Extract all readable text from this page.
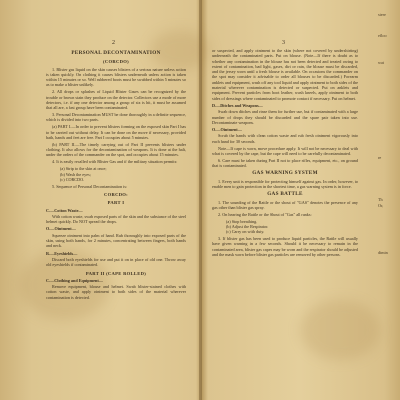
2	3
PERSONAL DECONTAMINATION
(CORCDO)

1. Blister gas liquid on the skin causes blisters of a serious nature unless action is taken quickly. On clothing it causes blisters underneath unless action is taken within 15 minutes or so. Well rubbered boots must be swabbed within 5 minutes so as to make a blister unlikely.

2. All drops or splashes of Liquid Blister Gases can be recognized by the trouble or brown stain they produce on the detector. Collectors use a mode of more detectors, i.e. if any one detector among a group of six is hit, it must be assumed that all are, a fast group have been contaminated.

3. Personal Decontamination MUST be done thoroughly in a definite sequence, which is divided into two parts.

(a) PART I.—In order to prevent blisters forming on the exposed skin Part I has to be carried out without delay. It can be done on the move if necessary, provided bath, hands and feet are free. Part I occupies about 5 minutes.

(b) PART II.—The timely carrying out of Part II prevents blisters under clothing. It also allows for the decontamination of weapons. It is done at the halt, under the orders of the commander on the spot, and occupies about 15 minutes.

4. It is easily recalled with Blister Gas and if the military situation permits:

(a) Strip to the skin at once;
(b) Wash the eyes;
(c) CORCDO.

5. Sequence of Personal Decontamination is:

CORCDO:
PART I
C.—Cotton Waste—

With cotton waste, swab exposed parts of the skin and the substance of the steel helmet quickly. Do NOT spread the drops.

O.—Ointment—

Squeeze ointment into palm of hand. Rub thoroughly into exposed parts of the skin, using both hands, for 2 minutes, concentrating between fingers, both hands and neck.

R.—Eyeshields—

Discard both eyeshields for use and put it on in place of old one. Throw away old eyeshields if contaminated.

PART II (CAPE ROLLED)
C.—Clothing and Equipment—

Remove equipment, blouse and helmet. Swab blister-stained clothes with cotton waste, and apply ointment to both sides of the material wherever contamination is detected.

or suspected, and apply ointment to the skin (where not covered by undershirting) underneath the contaminated parts. Put on blouse. (Note—If there is doubt as to whether any contamination in the blouse has not been detected and treated owing to extent of contamination, bad light, gases, dirt or rain, the blouse must be discarded, and the jersey worn until a fresh blouse is available. On occasions the commander on the spot may consider it advisable to order all blouses to be discarded.) Forearm anklets and equipment, wash off any tool liquid and apply ointment to both sides of the material wherever contamination is detected or suspected. Put on anklets and equipment. Prevent particles from boot leather, wash kneels, apply ointment to both sides of dressings where contaminated to promote contact if necessary. Put on helmet.

D.—Ditches and Weapons—

Swab down ditches and rinse them for further use, but if contaminated with a large number of drops they should be discarded and the spare pair taken into use. Decontaminate weapons.

O.—Ointment—

Scrub the hands with clean cotton waste and rub fresh ointment vigorously into each hand for 30 seconds.

Note—If cape is worn, move procedure apply. It will not be necessary to deal with what is covered by the cape, but the cape will need to be carefully decontaminated.

6. Care must be taken during Part II not to place rifles, equipment, etc., on ground that is contaminated.

GAS WARNING SYSTEM

1. Every unit is responsible for protecting himself against gas. In order, however, to enable men to gain protection in the shortest time, a gas warning system is in force.

GAS BATTLE

1. The sounding of the Rattle or the shout of "GAS" denotes the presence of any gas other than blister gas spray.

2. On hearing the Rattle or the Shout of "Gas" all ranks:

(a) Stop breathing.
(b) Adjust the Respirator.
(c) Carry on with duty.

3. If blister gas has been used to produce liquid particles, the Rattle will usually have given warning in a few seconds. Should it be necessary to remain in the contaminated area, blister gas capes may be worn and the respirator should be adjusted and the mask worn before blister gas particles are removed by other persons.

stere

efloo

wat

re

Th
Or,

dimin
